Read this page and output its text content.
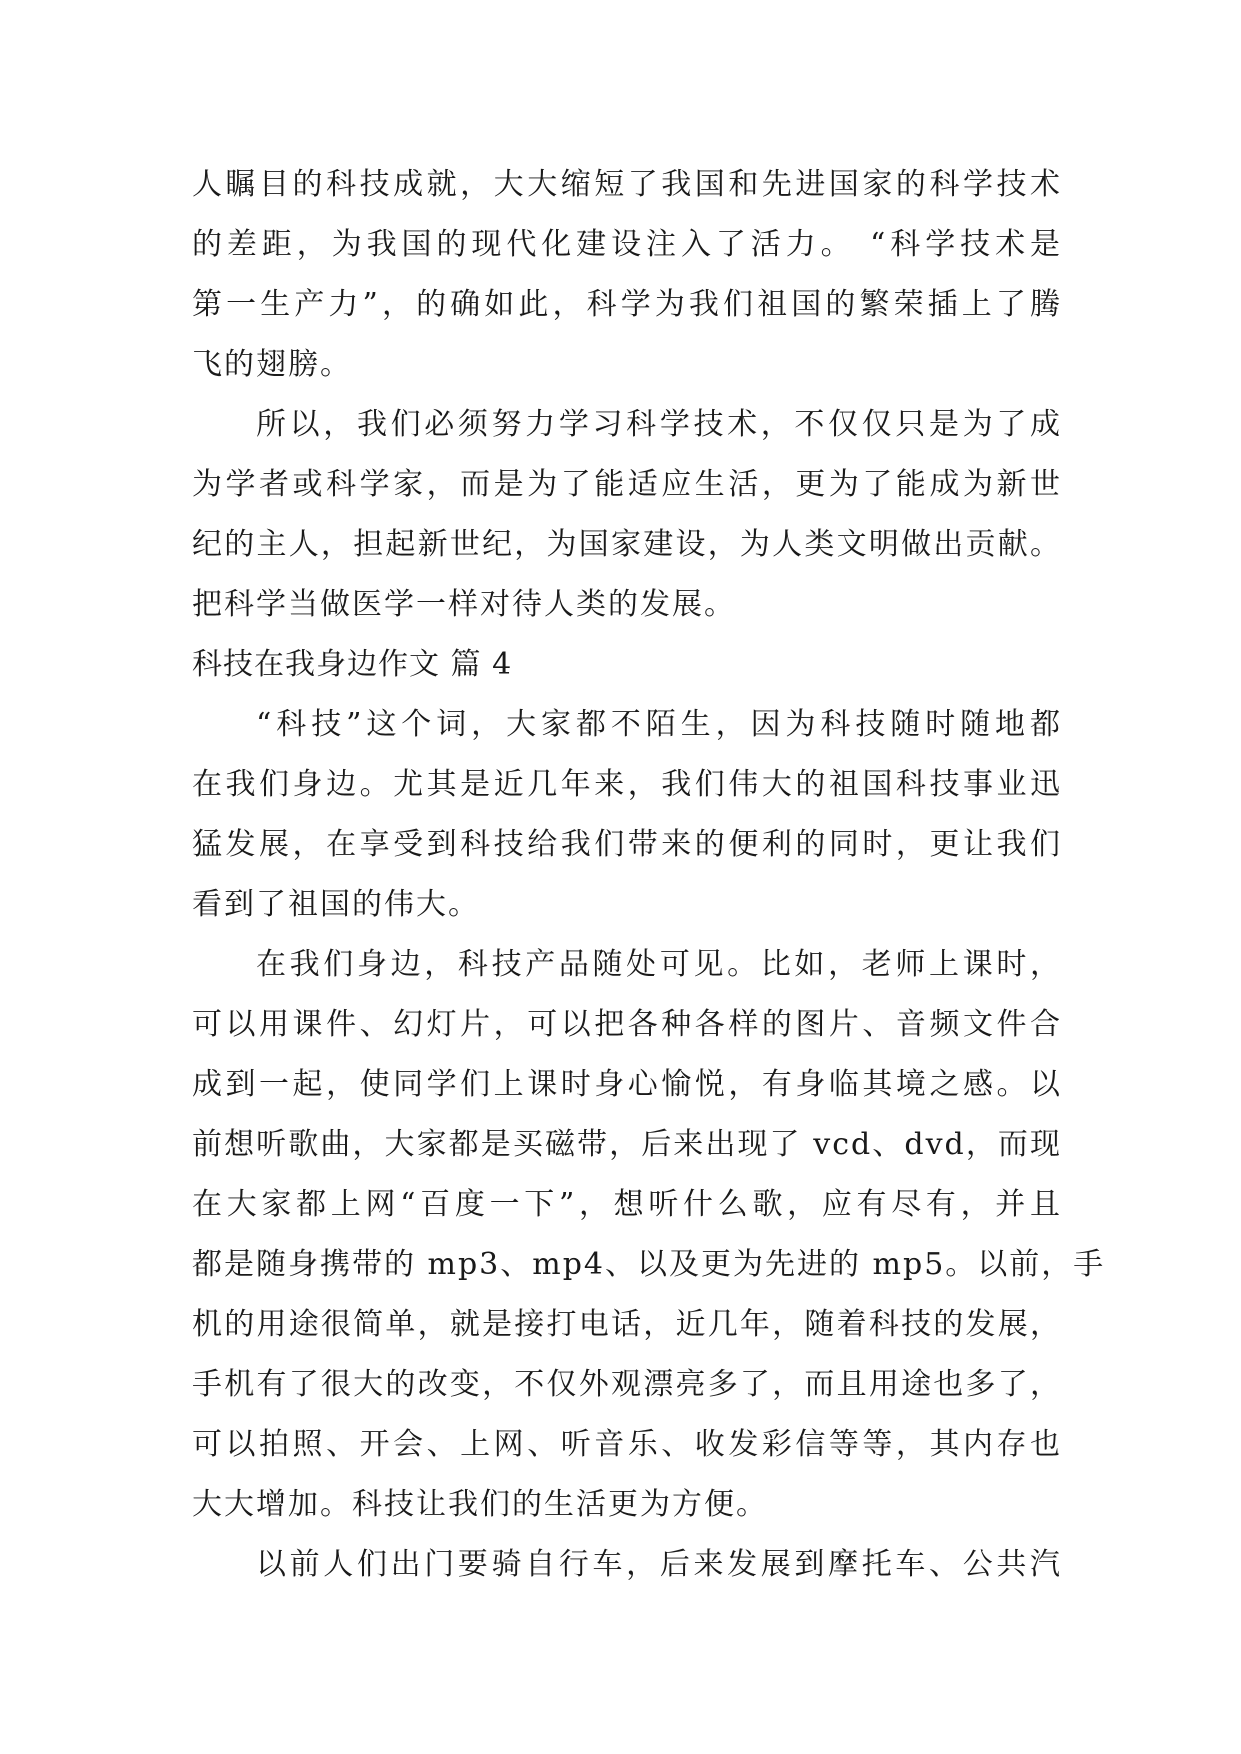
人瞩目的科技成就，大大缩短了我国和先进国家的科学技术
的差距，为我国的现代化建设注入了活力。 “科学技术是
第一生产力”，的确如此，科学为我们祖国的繁荣插上了腾
飞的翅膀。
所以，我们必须努力学习科学技术，不仅仅只是为了成
为学者或科学家，而是为了能适应生活，更为了能成为新世
纪的主人，担起新世纪，为国家建设，为人类文明做出贡献。
把科学当做医学一样对待人类的发展。
科技在我身边作文 篇 4
“科技”这个词，大家都不陌生，因为科技随时随地都
在我们身边。尤其是近几年来，我们伟大的祖国科技事业迅
猛发展，在享受到科技给我们带来的便利的同时，更让我们
看到了祖国的伟大。
在我们身边，科技产品随处可见。比如，老师上课时，
可以用课件、幻灯片，可以把各种各样的图片、音频文件合
成到一起，使同学们上课时身心愉悦，有身临其境之感。以
前想听歌曲，大家都是买磁带，后来出现了 vcd、dvd，而现
在大家都上网“百度一下”，想听什么歌，应有尽有，并且
都是随身携带的 mp3、mp4、以及更为先进的 mp5。以前，手
机的用途很简单，就是接打电话，近几年，随着科技的发展，
手机有了很大的改变，不仅外观漂亮多了，而且用途也多了，
可以拍照、开会、上网、听音乐、收发彩信等等，其内存也
大大增加。科技让我们的生活更为方便。
以前人们出门要骑自行车，后来发展到摩托车、公共汽
